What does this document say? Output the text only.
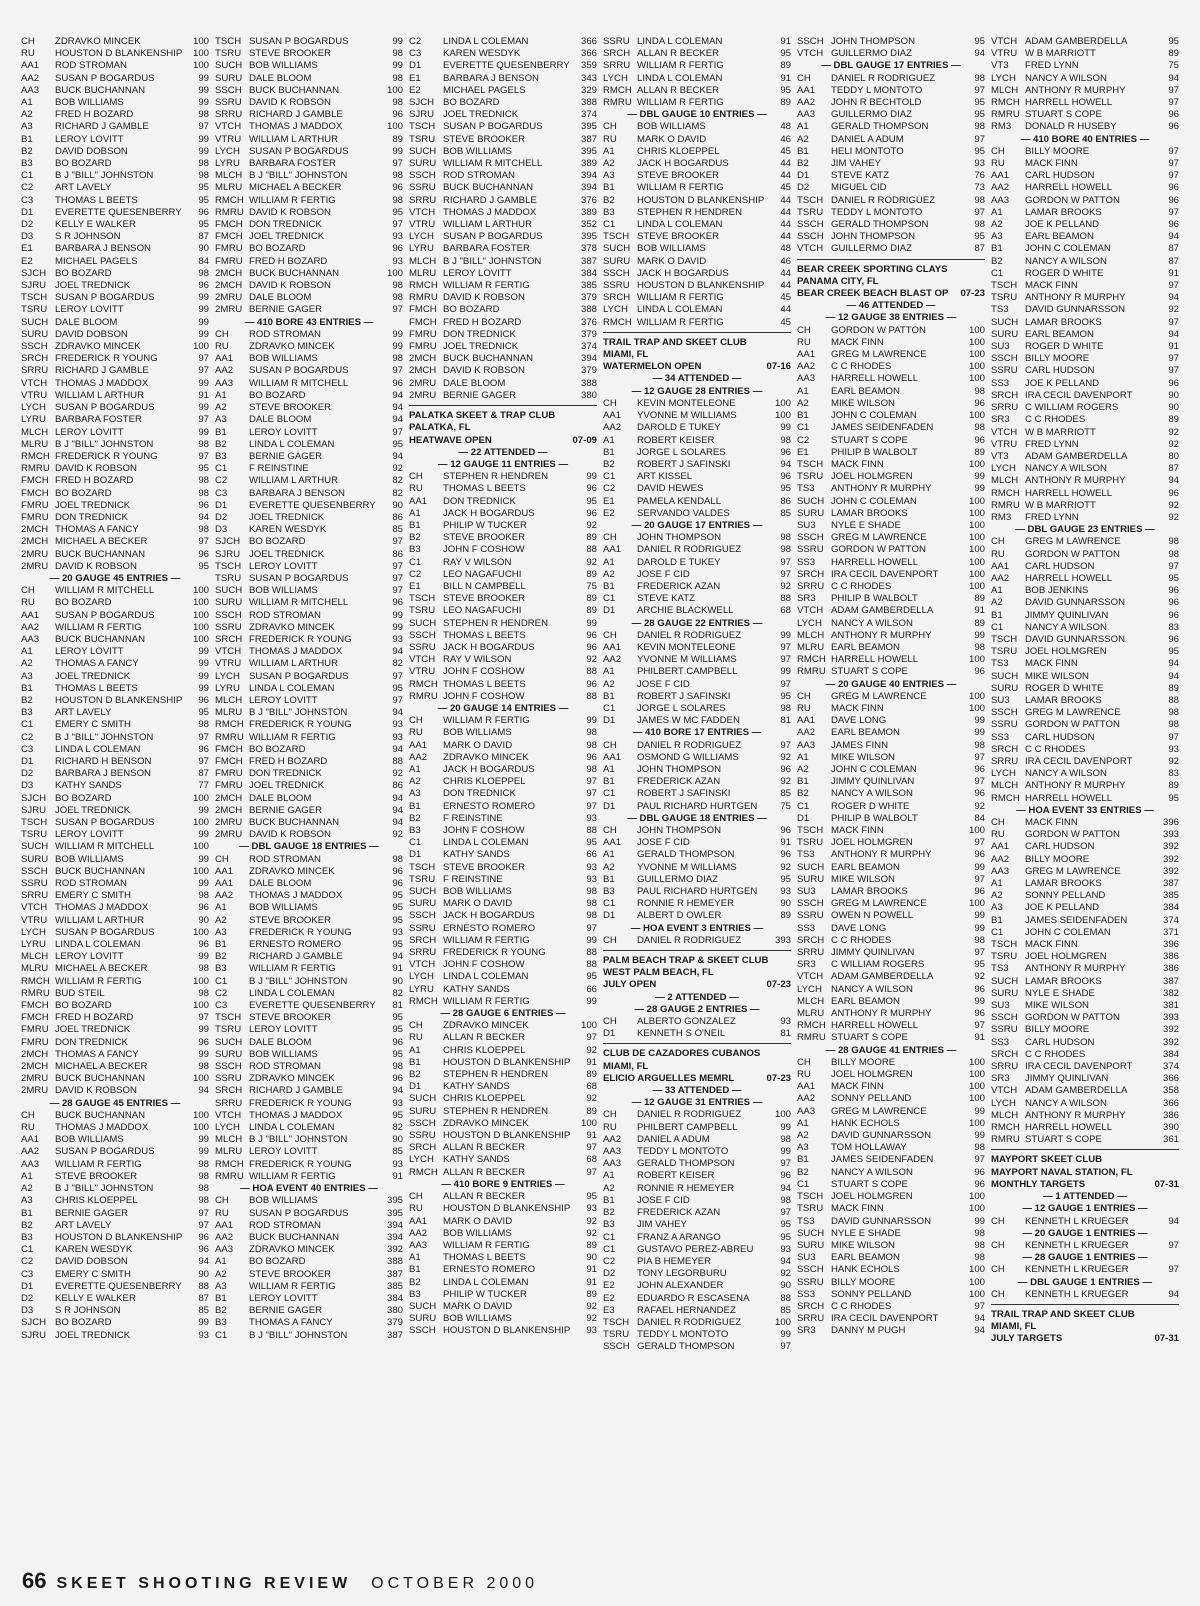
CH	ZDRAVKO MINCEK	100
RU	HOUSTON D BLANKENSHIP	100
AA1	ROD STROMAN	100
AA2	SUSAN P BOGARDUS	99
AA3	BUCK BUCHANNAN	99
A1	BOB WILLIAMS	99
A2	FRED H BOZARD	98
A3	RICHARD J GAMBLE	97
B1	LEROY LOVITT	99
B2	DAVID DOBSON	99
B3	BO BOZARD	98
C1	B J "BILL" JOHNSTON	98
C2	ART LAVELY	95
C3	THOMAS L BEETS	95
D1	EVERETTE QUESENBERRY	96
D2	KELLY E WALKER	95
D3	S R JOHNSON	87
E1	BARBARA J BENSON	90
E2	MICHAEL PAGELS	84
SJCH BO BOZARD	98
SJRU JOEL TREDNICK	96
TSCH SUSAN P BOGARDUS	99
TSRU LEROY LOVITT	99
SUCH DALE BLOOM	99
SURU DAVID DOBSON	99
SSCH ZDRAVKO MINCEK	100
SRCH FREDERICK R YOUNG	97
SRRU RICHARD J GAMBLE	97
VTCH THOMAS J MADDOX	99
VTRU WILLIAM L ARTHUR	91
LYCH SUSAN P BOGARDUS	99
LYRU BARBARA FOSTER	97
MLCH LEROY LOVITT	99
MLRU B J "BILL" JOHNSTON	98
RMCH FREDERICK R YOUNG	97
RMRU DAVID K ROBSON	95
FMCH FRED H BOZARD	98
FMCH BO BOZARD	98
FMRU JOEL TREDNICK	96
FMRU DON TREDNICK	94
2MCH THOMAS A FANCY	98
2MCH MICHAEL A BECKER	97
2MRU BUCK BUCHANNAN	96
2MRU DAVID K ROBSON	95
— 20 GAUGE 45 ENTRIES —
CH	WILLIAM R MITCHELL	100
RU	BO BOZARD	100
AA1	SUSAN P BOGARDUS	100
AA2	WILLIAM R FERTIG	100
AA3	BUCK BUCHANNAN	100
A1	LEROY LOVITT	99
A2	THOMAS A FANCY	99
A3	JOEL TREDNICK	99
B1	THOMAS L BEETS	99
B2	HOUSTON D BLANKENSHIP	96
B3	ART LAVELY	95
C1	EMERY C SMITH	98
C2	B J "BILL" JOHNSTON	97
C3	LINDA L COLEMAN	96
D1	RICHARD H BENSON	97
D2	BARBARA J BENSON	87
D3	KATHY SANDS	77
SJCH BO BOZARD	100
SJRU JOEL TREDNICK	99
TSCH SUSAN P BOGARDUS	100
TSRU LEROY LOVITT	99
SUCH WILLIAM R MITCHELL	100
SURU BOB WILLIAMS	99
SSCH BUCK BUCHANNAN	100
SSRU ROD STROMAN	99
SRRU EMERY C SMITH	98
VTCH THOMAS J MADDOX	96
VTRU WILLIAM L ARTHUR	90
LYCH SUSAN P BOGARDUS	100
LYRU LINDA L COLEMAN	96
MLCH LEROY LOVITT	99
MLRU MICHAEL A BECKER	98
RMCH WILLIAM R FERTIG	100
RMRU BUD STEIL	98
FMCH BO BOZARD	100
FMCH FRED H BOZARD	97
FMRU JOEL TREDNICK	99
FMRU DON TREDNICK	96
2MCH THOMAS A FANCY	99
2MCH MICHAEL A BECKER	98
2MRU BUCK BUCHANNAN	100
2MRU DAVID K ROBSON	94
— 28 GAUGE 45 ENTRIES —
CH	BUCK BUCHANNAN	100
RU	THOMAS J MADDOX	100
AA1	BOB WILLIAMS	99
AA2	SUSAN P BOGARDUS	99
AA3	WILLIAM R FERTIG	98
A1	STEVE BROOKER	98
A2	B J "BILL" JOHNSTON	98
A3	CHRIS KLOEPPEL	98
B1	BERNIE GAGER	97
B2	ART LAVELY	97
B3	HOUSTON D BLANKENSHIP	96
C1	KAREN WESDYK	96
C2	DAVID DOBSON	94
C3	EMERY C SMITH	90
D1	EVERETTE QUESENBERRY	88
D2	KELLY E WALKER	87
D3	S R JOHNSON	85
SJCH BO BOZARD	99
SJRU JOEL TREDNICK	93
TSCH SUSAN P BOGARDUS	99
TSRU STEVE BROOKER	98
SUCH BOB WILLIAMS	99
SURU DALE BLOOM	98
SSCH BUCK BUCHANNAN	100
SSRU DAVID K ROBSON	98
SRRU RICHARD J GAMBLE	96
VTCH THOMAS J MADDOX	100
VTRU WILLIAM L ARTHUR	89
LYCH SUSAN P BOGARDUS	99
LYRU BARBARA FOSTER	97
MLCH B J "BILL" JOHNSTON	98
MLRU MICHAEL A BECKER	96
RMCH WILLIAM R FERTIG	98
RMRU DAVID K ROBSON	95
FMCH DON TREDNICK	97
FMCH JOEL TREDNICK	93
FMRU BO BOZARD	96
FMRU FRED H BOZARD	93
2MCH BUCK BUCHANNAN	100
2MCH DAVID K ROBSON	98
2MRU DALE BLOOM	98
2MRU BERNIE GAGER	97
— 410 BORE 43 ENTRIES —
CH	ROD STROMAN	99
RU	ZDRAVKO MINCEK	99
AA1	BOB WILLIAMS	98
AA2	SUSAN P BOGARDUS	97
AA3	WILLIAM R MITCHELL	96
A1	BO BOZARD	94
A2	STEVE BROOKER	94
A3	DALE BLOOM	94
B1	LEROY LOVITT	97
B2	LINDA L COLEMAN	95
B3	BERNIE GAGER	94
C1	F REINSTINE	92
C2	WILLIAM L ARTHUR	82
C3	BARBARA J BENSON	82
D1	EVERETTE QUESENBERRY	90
D2	JOEL TREDNICK	86
D3	KAREN WESDYK	85
SJCH BO BOZARD	97
SJRU JOEL TREDNICK	86
TSCH LEROY LOVITT	97
TSRU SUSAN P BOGARDUS	97
SUCH BOB WILLIAMS	97
SURU WILLIAM R MITCHELL	96
SSCH ROD STROMAN	99
SSRU ZDRAVKO MINCEK	99
SRCH FREDERICK R YOUNG	93
VTCH THOMAS J MADDOX	94
VTRU WILLIAM L ARTHUR	82
LYCH SUSAN P BOGARDUS	97
LYRU LINDA L COLEMAN	95
MLCH LEROY LOVITT	97
MLRU B J "BILL" JOHNSTON	94
RMCH FREDERICK R YOUNG	93
RMRU WILLIAM R FERTIG	93
FMCH BO BOZARD	94
FMCH FRED H BOZARD	88
FMRU DON TREDNICK	92
FMRU JOEL TREDNICK	86
2MCH DALE BLOOM	94
2MCH BERNIE GAGER	94
2MRU BUCK BUCHANNAN	94
2MRU DAVID K ROBSON	92
— DBL GAUGE 18 ENTRIES —
CH	ROD STROMAN	98
AA1	ZDRAVKO MINCEK	96
AA1	DALE BLOOM	96
AA2	THOMAS J MADDOX	95
A1	BOB WILLIAMS	95
A2	STEVE BROOKER	95
A3	FREDERICK R YOUNG	93
B1	ERNESTO ROMERO	95
B2	RICHARD J GAMBLE	94
B3	WILLIAM R FERTIG	91
C1	B J "BILL" JOHNSTON	90
C2	LINDA L COLEMAN	82
C3	EVERETTE QUESENBERRY	81
TSCH STEVE BROOKER	95
TSRU LEROY LOVITT	95
SUCH DALE BLOOM	96
SURU BOB WILLIAMS	95
SSCH ROD STROMAN	98
SSRU ZDRAVKO MINCEK	96
SRCH RICHARD J GAMBLE	94
SRRU FREDERICK R YOUNG	93
VTCH THOMAS J MADDOX	95
LYCH LINDA L COLEMAN	82
MLCH B J "BILL" JOHNSTON	90
MLRU LEROY LOVITT	85
RMCH FREDERICK R YOUNG	93
RMRU WILLIAM R FERTIG	91
— HOA EVENT 40 ENTRIES —
CH	BOB WILLIAMS	395
RU	SUSAN P BOGARDUS	395
AA1	ROD STROMAN	394
AA2	BUCK BUCHANNAN	394
AA3	ZDRAVKO MINCEK	392
A1	BO BOZARD	388
A2	STEVE BROOKER	387
A3	WILLIAM R FERTIG	385
B1	LEROY LOVITT	384
B2	BERNIE GAGER	380
B3	THOMAS A FANCY	379
C1	B J "BILL" JOHNSTON	387
C2	LINDA L COLEMAN	366
C3	KAREN WESDYK	366
D1	EVERETTE QUESENBERRY	359
E1	BARBARA J BENSON	343
E2	MICHAEL PAGELS	329
SJCH BO BOZARD	388
SJRU JOEL TREDNICK	374
TSCH SUSAN P BOGARDUS	395
TSRU STEVE BROOKER	387
SUCH BOB WILLIAMS	395
SURU WILLIAM R MITCHELL	389
SSCH ROD STROMAN	394
SSRU BUCK BUCHANNAN	394
SRRU RICHARD J GAMBLE	376
VTCH THOMAS J MADDOX	389
VTRU WILLIAM L ARTHUR	352
LYCH SUSAN P BOGARDUS	395
LYRU BARBARA FOSTER	378
MLCH B J "BILL" JOHNSTON	387
MLRU LEROY LOVITT	384
RMCH WILLIAM R FERTIG	385
RMRU DAVID K ROBSON	379
FMCH BO BOZARD	388
FMCH FRED H BOZARD	376
FMRU DON TREDNICK	379
FMRU JOEL TREDNICK	374
2MCH BUCK BUCHANNAN	394
2MCH DAVID K ROBSON	379
2MRU DALE BLOOM	388
2MRU BERNIE GAGER	380
PALATKA SKEET & TRAP CLUB
PALATKA, FL
HEATWAVE OPEN	07-09
— 22 ATTENDED —
— 12 GAUGE 11 ENTRIES —
CH	STEPHEN R HENDREN	99
RU	THOMAS L BEETS	96
AA1	DON TREDNICK	95
A1	JACK H BOGARDUS	96
B1	PHILIP W TUCKER	92
B2	STEVE BROOKER	89
B3	JOHN F COSHOW	88
C1	RAY V WILSON	92
C2	LEO NAGAFUCHI	89
E1	BILL N CAMPBELL	75
TSCH STEVE BROOKER	89
TSRU LEO NAGAFUCHI	89
SUCH STEPHEN R HENDREN	99
SSCH THOMAS L BEETS	96
SSRU JACK H BOGARDUS	96
VTCH RAY V WILSON	92
VTRU JOHN F COSHOW	88
RMCH THOMAS L BEETS	96
RMRU JOHN F COSHOW	88
— 20 GAUGE 14 ENTRIES —
CH	WILLIAM R FERTIG	99
RU	BOB WILLIAMS	98
AA1	MARK O DAVID	98
AA2	ZDRAVKO MINCEK	96
A1	JACK H BOGARDUS	98
A2	CHRIS KLOEPPEL	97
A3	DON TREDNICK	97
B1	ERNESTO ROMERO	97
B2	F REINSTINE	93
B3	JOHN F COSHOW	88
C1	LINDA L COLEMAN	95
D1	KATHY SANDS	66
TSCH STEVE BROOKER	93
TSRU F REINSTINE	93
SUCH BOB WILLIAMS	98
SURU MARK O DAVID	98
SSCH JACK H BOGARDUS	98
SSRU ERNESTO ROMERO	97
SRCH WILLIAM R FERTIG	99
SRRU FREDERICK R YOUNG	88
VTCH JOHN F COSHOW	88
LYCH LINDA L COLEMAN	95
LYRU KATHY SANDS	66
RMCH WILLIAM R FERTIG	99
— 28 GAUGE 6 ENTRIES —
CH	ZDRAVKO MINCEK	100
RU	ALLAN R BECKER	97
A1	CHRIS KLOEPPEL	92
B1	HOUSTON D BLANKENSHIP	91
B2	STEPHEN R HENDREN	89
D1	KATHY SANDS	68
SUCH CHRIS KLOEPPEL	92
SURU STEPHEN R HENDREN	89
SSCH ZDRAVKO MINCEK	100
SSRU HOUSTON D BLANKENSHIP	91
SRCH ALLAN R BECKER	97
LYCH KATHY SANDS	68
RMCH ALLAN R BECKER	97
— 410 BORE 9 ENTRIES —
CH	ALLAN R BECKER	95
RU	HOUSTON D BLANKENSHIP	93
AA1	MARK O DAVID	92
AA2	BOB WILLIAMS	92
AA3	WILLIAM R FERTIG	89
A1	THOMAS L BEETS	90
B1	ERNESTO ROMERO	91
B2	LINDA L COLEMAN	91
B3	PHILIP W TUCKER	89
SUCH MARK O DAVID	92
SURU BOB WILLIAMS	92
SSCH HOUSTON D BLANKENSHIP	93
SSRU LINDA L COLEMAN	91
SRCH ALLAN R BECKER	95
SRRU WILLIAM R FERTIG	89
LYCH LINDA L COLEMAN	91
RMCH ALLAN R BECKER	95
RMRU WILLIAM R FERTIG	89
— DBL GAUGE 10 ENTRIES —
CH	BOB WILLIAMS	48
RU	MARK O DAVID	46
A1	CHRIS KLOEPPEL	45
A2	JACK H BOGARDUS	44
A3	STEVE BROOKER	44
B1	WILLIAM R FERTIG	45
B2	HOUSTON D BLANKENSHIP	44
B3	STEPHEN R HENDREN	44
C1	LINDA L COLEMAN	44
TSCH STEVE BROOKER	44
SUCH BOB WILLIAMS	48
SURU MARK O DAVID	46
SSCH JACK H BOGARDUS	44
SSRU HOUSTON D BLANKENSHIP	44
SRCH WILLIAM R FERTIG	45
LYCH LINDA L COLEMAN	44
RMCH WILLIAM R FERTIG	45
TRAIL TRAP AND SKEET CLUB
MIAMI, FL
WATERMELON OPEN	07-16
— 34 ATTENDED —
— 12 GAUGE 28 ENTRIES —
CH	KEVIN MONTELEONE	100
AA1	YVONNE M WILLIAMS	100
AA2	DAROLD E TUKEY	99
A1	ROBERT KEISER	98
B1	JORGE L SOLARES	96
B2	ROBERT J SAFINSKI	94
C1	ART KISSEL	96
C2	DAVID HEWES	95
E1	PAMELA KENDALL	86
E2	SERVANDO VALDES	85
— 20 GAUGE 17 ENTRIES —
CH	JOHN THOMPSON	98
AA1	DANIEL R RODRIGUEZ	98
A1	DAROLD E TUKEY	97
A2	JOSE F CID	97
B1	FREDERICK AZAN	92
C1	STEVE KATZ	88
D1	ARCHIE BLACKWELL	68
— 28 GAUGE 22 ENTRIES —
CH	DANIEL R RODRIGUEZ	99
AA1	KEVIN MONTELEONE	97
AA2	YVONNE M WILLIAMS	97
A1	PHILBERT CAMPBELL	99
A2	JOSE F CID	97
B1	ROBERT J SAFINSKI	95
C1	JORGE L SOLARES	98
D1	JAMES W MC FADDEN	81
— 410 BORE 17 ENTRIES —
CH	DANIEL R RODRIGUEZ	97
AA1	OSMOND G WILLIAMS	92
A1	JOHN THOMPSON	96
B1	FREDERICK AZAN	92
C1	ROBERT J SAFINSKI	85
D1	PAUL RICHARD HURTGEN	75
— DBL GAUGE 18 ENTRIES —
CH	JOHN THOMPSON	96
AA1	JOSE F CID	91
A1	GERALD THOMPSON	96
A2	YVONNE M WILLIAMS	92
B1	GUILLERMO DIAZ	95
B3	PAUL RICHARD HURTGEN	93
C1	RONNIE R HEMEYER	90
D1	ALBERT D OWLER	89
— HOA EVENT 3 ENTRIES —
CH	DANIEL R RODRIGUEZ	393
PALM BEACH TRAP & SKEET CLUB
WEST PALM BEACH, FL
JULY OPEN	07-23
— 2 ATTENDED —
— 28 GAUGE 2 ENTRIES —
CH	ALBERTO GONZALEZ	93
D1	KENNETH S O'NEIL	81
CLUB DE CAZADORES CUBANOS
MIAMI, FL
ELICIO ARGUELLES MEMRL	07-23
— 33 ATTENDED —
— 12 GAUGE 31 ENTRIES —
CH	DANIEL R RODRIGUEZ	100
RU	PHILBERT CAMPBELL	99
AA2	DANIEL A ADUM	98
AA3	TEDDY L MONTOTO	99
AA3	GERALD THOMPSON	97
A1	ROBERT KEISER	96
A2	RONNIE R HEMEYER	94
B1	JOSE F CID	98
B2	FREDERICK AZAN	97
B3	JIM VAHEY	95
C1	FRANZ A ARANGO	95
C1	GUSTAVO PEREZ-ABREU	93
C2	PIA B HEMEYER	94
D2	TONY LEGORBURU	92
E2	JOHN ALEXANDER	90
E2	EDUARDO R ESCASENA	88
E3	RAFAEL HERNANDEZ	85
TSCH DANIEL R RODRIGUEZ	100
TSRU TEDDY L MONTOTO	99
SSCH GERALD THOMPSON	97
SSCH JOHN THOMPSON	95
VTCH GUILLERMO DIAZ	94
— DBL GAUGE 17 ENTRIES —
CH	DANIEL R RODRIGUEZ	98
AA1	TEDDY L MONTOTO	97
AA2	JOHN R BECHTOLD	95
AA3	GUILLERMO DIAZ	95
A1	GERALD THOMPSON	98
A2	DANIEL A ADUM	97
B1	HELI MONTOTO	95
B2	JIM VAHEY	93
D1	STEVE KATZ	76
D2	MIGUEL CID	73
TSCH DANIEL R RODRIGUEZ	98
TSRU TEDDY L MONTOTO	97
SSCH GERALD THOMPSON	98
SSCH JOHN THOMPSON	95
VTCH GUILLERMO DIAZ	87
BEAR CREEK SPORTING CLAYS
PANAMA CITY, FL
BEAR CREEK BEACH BLAST OP 07-23
— 46 ATTENDED —
— 12 GAUGE 38 ENTRIES —
CH	GORDON W PATTON	100
RU	MACK FINN	100
AA1	GREG M LAWRENCE	100
AA2	C C RHODES	100
AA3	HARRELL HOWELL	100
A1	EARL BEAMON	98
A2	MIKE WILSON	96
B1	JOHN C COLEMAN	100
C1	JAMES SEIDENFADEN	98
C2	STUART S COPE	96
E1	PHILIP B WALBOLT	89
TSCH MACK FINN	100
TSRU JOEL HOLMGREN	99
TS3	ANTHONY R MURPHY	99
SUCH JOHN C COLEMAN	100
SURU LAMAR BROOKS	100
SU3	NYLE E SHADE	100
SSCH GREG M LAWRENCE	100
SSRU GORDON W PATTON	100
SS3	HARRELL HOWELL	100
SRCH IRA CECIL DAVENPORT	100
SRRU C C RHODES	100
SR3	PHILIP B WALBOLT	89
VTCH ADAM GAMBERDELLA	91
LYCH NANCY A WILSON	89
MLCH ANTHONY R MURPHY	99
MLRU EARL BEAMON	98
RMCH HARRELL HOWELL	100
RMRU STUART S COPE	96
— 20 GAUGE 40 ENTRIES —
CH	GREG M LAWRENCE	100
RU	MACK FINN	100
AA1	DAVE LONG	99
AA2	EARL BEAMON	99
AA3	JAMES FINN	98
A1	MIKE WILSON	97
A2	JOHN C COLEMAN	96
B1	JIMMY QUINLIVAN	97
B2	NANCY A WILSON	96
C1	ROGER D WHITE	92
D1	PHILIP B WALBOLT	84
TSCH MACK FINN	100
TSRU JOEL HOLMGREN	97
TS3	ANTHONY R MURPHY	96
SUCH EARL BEAMON	99
SURU MIKE WILSON	97
SU3	LAMAR BROOKS	96
SSCH GREG M LAWRENCE	100
SSRU OWEN N POWELL	99
SS3	DAVE LONG	99
SRCH C C RHODES	98
SRRU JIMMY QUINLIVAN	97
SR3	C WILLIAM ROGERS	95
VTCH ADAM GAMBERDELLA	92
LYCH NANCY A WILSON	96
MLCH EARL BEAMON	99
MLRU ANTHONY R MURPHY	96
RMCH HARRELL HOWELL	97
RMRU STUART S COPE	91
— 28 GAUGE 41 ENTRIES —
CH	BILLY MOORE	100
RU	JOEL HOLMGREN	100
AA1	MACK FINN	100
AA2	SONNY PELLAND	100
AA3	GREG M LAWRENCE	99
A1	HANK ECHOLS	100
A2	DAVID GUNNARSSON	99
A3	TOM HOLLAWAY	98
B1	JAMES SEIDENFADEN	97
B2	NANCY A WILSON	96
C1	STUART S COPE	96
TSCH JOEL HOLMGREN	100
TSRU MACK FINN	100
TS3	DAVID GUNNARSSON	99
SUCH NYLE E SHADE	98
SURU MIKE WILSON	98
SU3	EARL BEAMON	98
SSCH HANK ECHOLS	100
SSRU BILLY MOORE	100
SS3	SONNY PELLAND	100
SRCH C C RHODES	97
SRRU IRA CECIL DAVENPORT	94
SR3	DANNY M PUGH	94
VTCH ADAM GAMBERDELLA	95
VTRU W B MARRIOTT	89
VT3	FRED LYNN	75
LYCH NANCY A WILSON	94
MLCH ANTHONY R MURPHY	97
RMCH HARRELL HOWELL	97
RMRU STUART S COPE	96
RM3	DONALD R HUSEBY	96
— 410 BORE 40 ENTRIES —
CH	BILLY MOORE	97
RU	MACK FINN	97
AA1	CARL HUDSON	97
AA2	HARRELL HOWELL	96
AA3	GORDON W PATTON	96
A1	LAMAR BROOKS	97
A2	JOE K PELLAND	96
A3	EARL BEAMON	94
B1	JOHN C COLEMAN	87
B2	NANCY A WILSON	87
C1	ROGER D WHITE	91
TSCH MACK FINN	97
TSRU ANTHONY R MURPHY	94
TS3	DAVID GUNNARSSON	92
SUCH LAMAR BROOKS	97
SURU EARL BEAMON	94
SU3	ROGER D WHITE	91
SSCH BILLY MOORE	97
SSRU CARL HUDSON	97
SS3	JOE K PELLAND	96
SRCH IRA CECIL DAVENPORT	90
SRRU C WILLIAM ROGERS	90
SR3	C C RHODES	89
VTCH W B MARRIOTT	92
VTRU FRED LYNN	92
VT3	ADAM GAMBERDELLA	80
LYCH NANCY A WILSON	87
MLCH ANTHONY R MURPHY	94
RMCH HARRELL HOWELL	96
RMRU W B MARRIOTT	92
RM3	FRED LYNN	92
— DBL GAUGE 23 ENTRIES —
CH	GREG M LAWRENCE	98
RU	GORDON W PATTON	98
AA1	CARL HUDSON	97
AA2	HARRELL HOWELL	95
A1	BOB JENKINS	96
A2	DAVID GUNNARSSON	96
B1	JIMMY QUINLIVAN	96
C1	NANCY A WILSON	83
TSCH DAVID GUNNARSSON	96
TSRU JOEL HOLMGREN	95
TS3	MACK FINN	94
SUCH MIKE WILSON	94
SURU ROGER D WHITE	89
SU3	LAMAR BROOKS	88
SSCH GREG M LAWRENCE	98
SSRU GORDON W PATTON	98
SS3	CARL HUDSON	97
SRCH C C RHODES	93
SRRU IRA CECIL DAVENPORT	92
LYCH NANCY A WILSON	83
MLCH ANTHONY R MURPHY	89
RMCH HARRELL HOWELL	95
— HOA EVENT 33 ENTRIES —
CH	MACK FINN	396
RU	GORDON W PATTON	393
AA1	CARL HUDSON	392
AA2	BILLY MOORE	392
AA3	GREG M LAWRENCE	392
A1	LAMAR BROOKS	387
A2	SONNY PELLAND	385
A3	JOE K PELLAND	384
B1	JAMES SEIDENFADEN	374
C1	JOHN C COLEMAN	371
TSCH MACK FINN	396
TSRU JOEL HOLMGREN	386
TS3	ANTHONY R MURPHY	386
SUCH LAMAR BROOKS	387
SURU NYLE E SHADE	382
SU3	MIKE WILSON	381
SSCH GORDON W PATTON	393
SSRU BILLY MOORE	392
SS3	CARL HUDSON	392
SRCH C C RHODES	384
SRRU IRA CECIL DAVENPORT	374
SR3	JIMMY QUINLIVAN	366
VTCH ADAM GAMBERDELLA	358
LYCH NANCY A WILSON	366
MLCH ANTHONY R MURPHY	386
RMCH HARRELL HOWELL	390
RMRU STUART S COPE	361
MAYPORT SKEET CLUB
MAYPORT NAVAL STATION, FL
MONTHLY TARGETS	07-31
— 1 ATTENDED —
— 12 GAUGE 1 ENTRIES —
CH	KENNETH L KRUEGER	94
— 20 GAUGE 1 ENTRIES —
CH	KENNETH L KRUEGER	97
— 28 GAUGE 1 ENTRIES —
CH	KENNETH L KRUEGER	97
— DBL GAUGE 1 ENTRIES —
CH	KENNETH L KRUEGER	94
TRAIL TRAP AND SKEET CLUB
MIAMI, FL
JULY TARGETS	07-31
66 SKEET SHOOTING REVIEW OCTOBER 2000
